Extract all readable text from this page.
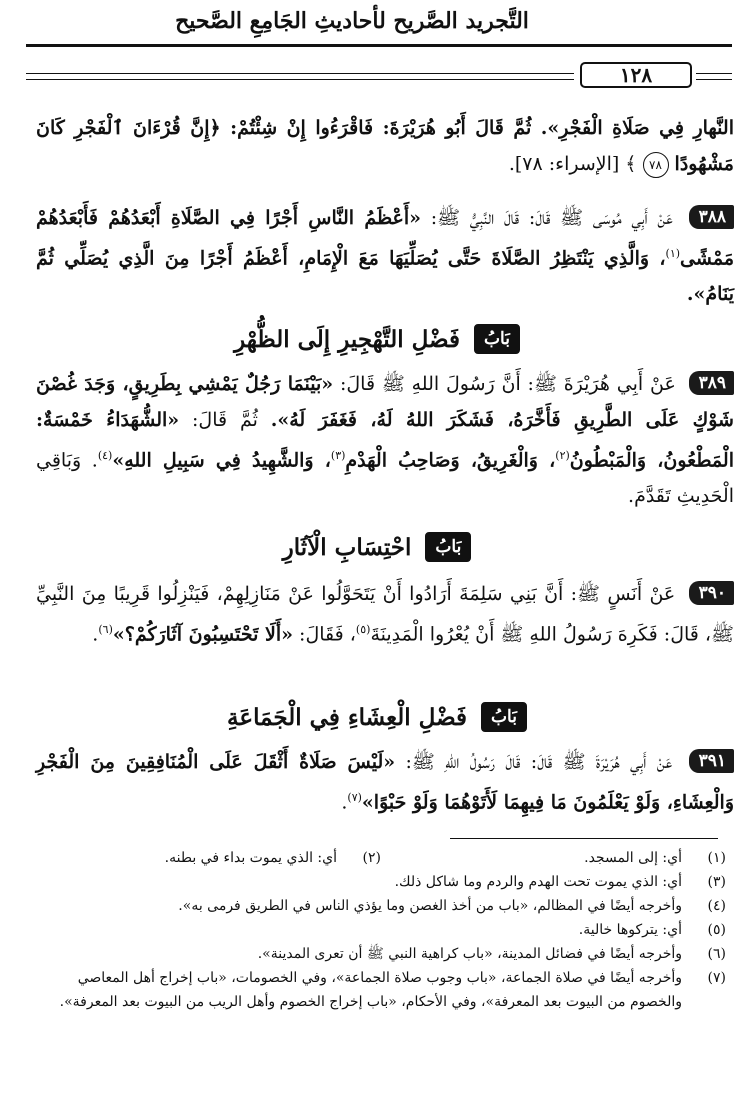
التَّجريد الصَّريح لأحاديثِ الجَامِعِ الصَّحيح
١٢٨
النَّهارِ فِي صَلَاةِ الْفَجْرِ». ثُمَّ قَالَ أَبُو هُرَيْرَةَ: فَاقْرَءُوا إِنْ شِئْتُمْ: ﴿إِنَّ قُرْءَانَ ٱلْفَجْرِ كَانَ مَشْهُودًا ٧٨ ﴾ [الإسراء: ٧٨].
٣٨٨ عَنْ أَبِي مُوسَى ﷺ قَالَ: قَالَ النَّبِيُّ ﷺ: «أَعْظَمُ النَّاسِ أَجْرًا فِي الصَّلَاةِ أَبْعَدُهُمْ فَأَبْعَدُهُمْ مَمْشًى$^{(١)}$، وَالَّذِي يَنْتَظِرُ الصَّلَاةَ حَتَّى يُصَلِّيَهَا مَعَ الْإِمَامِ، أَعْظَمُ أَجْرًا مِنَ الَّذِي يُصَلِّي ثُمَّ يَنَامُ».
بَابُ فَضْلِ التَّهْجِيرِ إِلَى الظُّهْرِ
٣٨٩ عَنْ أَبِي هُرَيْرَةَ ﷺ: أَنَّ رَسُولَ اللهِ ﷺ قَالَ: «بَيْنَمَا رَجُلٌ يَمْشِي بِطَرِيقٍ، وَجَدَ غُصْنَ شَوْكٍ عَلَى الطَّرِيقِ فَأَخَّرَهُ، فَشَكَرَ اللهُ لَهُ، فَغَفَرَ لَهُ». ثُمَّ قَالَ: «الشُّهَدَاءُ خَمْسَةٌ: الْمَطْعُونُ، وَالْمَبْطُونُ$^{(٢)}$، وَالْغَرِيقُ، وَصَاحِبُ الْهَدْمِ$^{(٣)}$، وَالشَّهِيدُ فِي سَبِيلِ اللهِ»$^{(٤)}$. وَبَاقِي الْحَدِيثِ تَقَدَّمَ.
بَابُ احْتِسَابِ الْآثَارِ
٣٩٠ عَنْ أَنَسٍ ﷺ: أَنَّ بَنِي سَلِمَةَ أَرَادُوا أَنْ يَتَحَوَّلُوا عَنْ مَنَازِلِهِمْ، فَيَنْزِلُوا قَرِيبًا مِنَ النَّبِيِّ ﷺ، قَالَ: فَكَرِهَ رَسُولُ اللهِ ﷺ أَنْ يُعْرُوا الْمَدِينَةَ$^{(٥)}$، فَقَالَ: «أَلَا تَحْتَسِبُونَ آثَارَكُمْ؟»$^{(٦)}$.
بَابُ فَضْلِ الْعِشَاءِ فِي الْجَمَاعَةِ
٣٩١ عَنْ أَبِي هُرَيْرَةَ ﷺ قَالَ: قَالَ رَسُولُ اللهِ ﷺ: «لَيْسَ صَلَاةٌ أَثْقَلَ عَلَى الْمُنَافِقِينَ مِنَ الْفَجْرِ وَالْعِشَاءِ، وَلَوْ يَعْلَمُونَ مَا فِيهِمَا لَأَتَوْهُمَا وَلَوْ حَبْوًا»$^{(٧)}$.
(١)
أي: إلى المسجد.
(٢)
أي: الذي يموت بداء في بطنه.
(٣)
أي: الذي يموت تحت الهدم والردم وما شاكل ذلك.
(٤)
وأخرجه أيضًا في المظالم، «باب من أخذ الغصن وما يؤذي الناس في الطريق فرمى به».
(٥)
أي: يتركوها خالية.
(٦)
وأخرجه أيضًا في فضائل المدينة، «باب كراهية النبي ﷺ أن تعرى المدينة».
(٧)
وأخرجه أيضًا في صلاة الجماعة، «باب وجوب صلاة الجماعة»، وفي الخصومات، «باب إخراج أهل المعاصي والخصوم من البيوت بعد المعرفة»، وفي الأحكام، «باب إخراج الخصوم وأهل الريب من البيوت بعد المعرفة».
